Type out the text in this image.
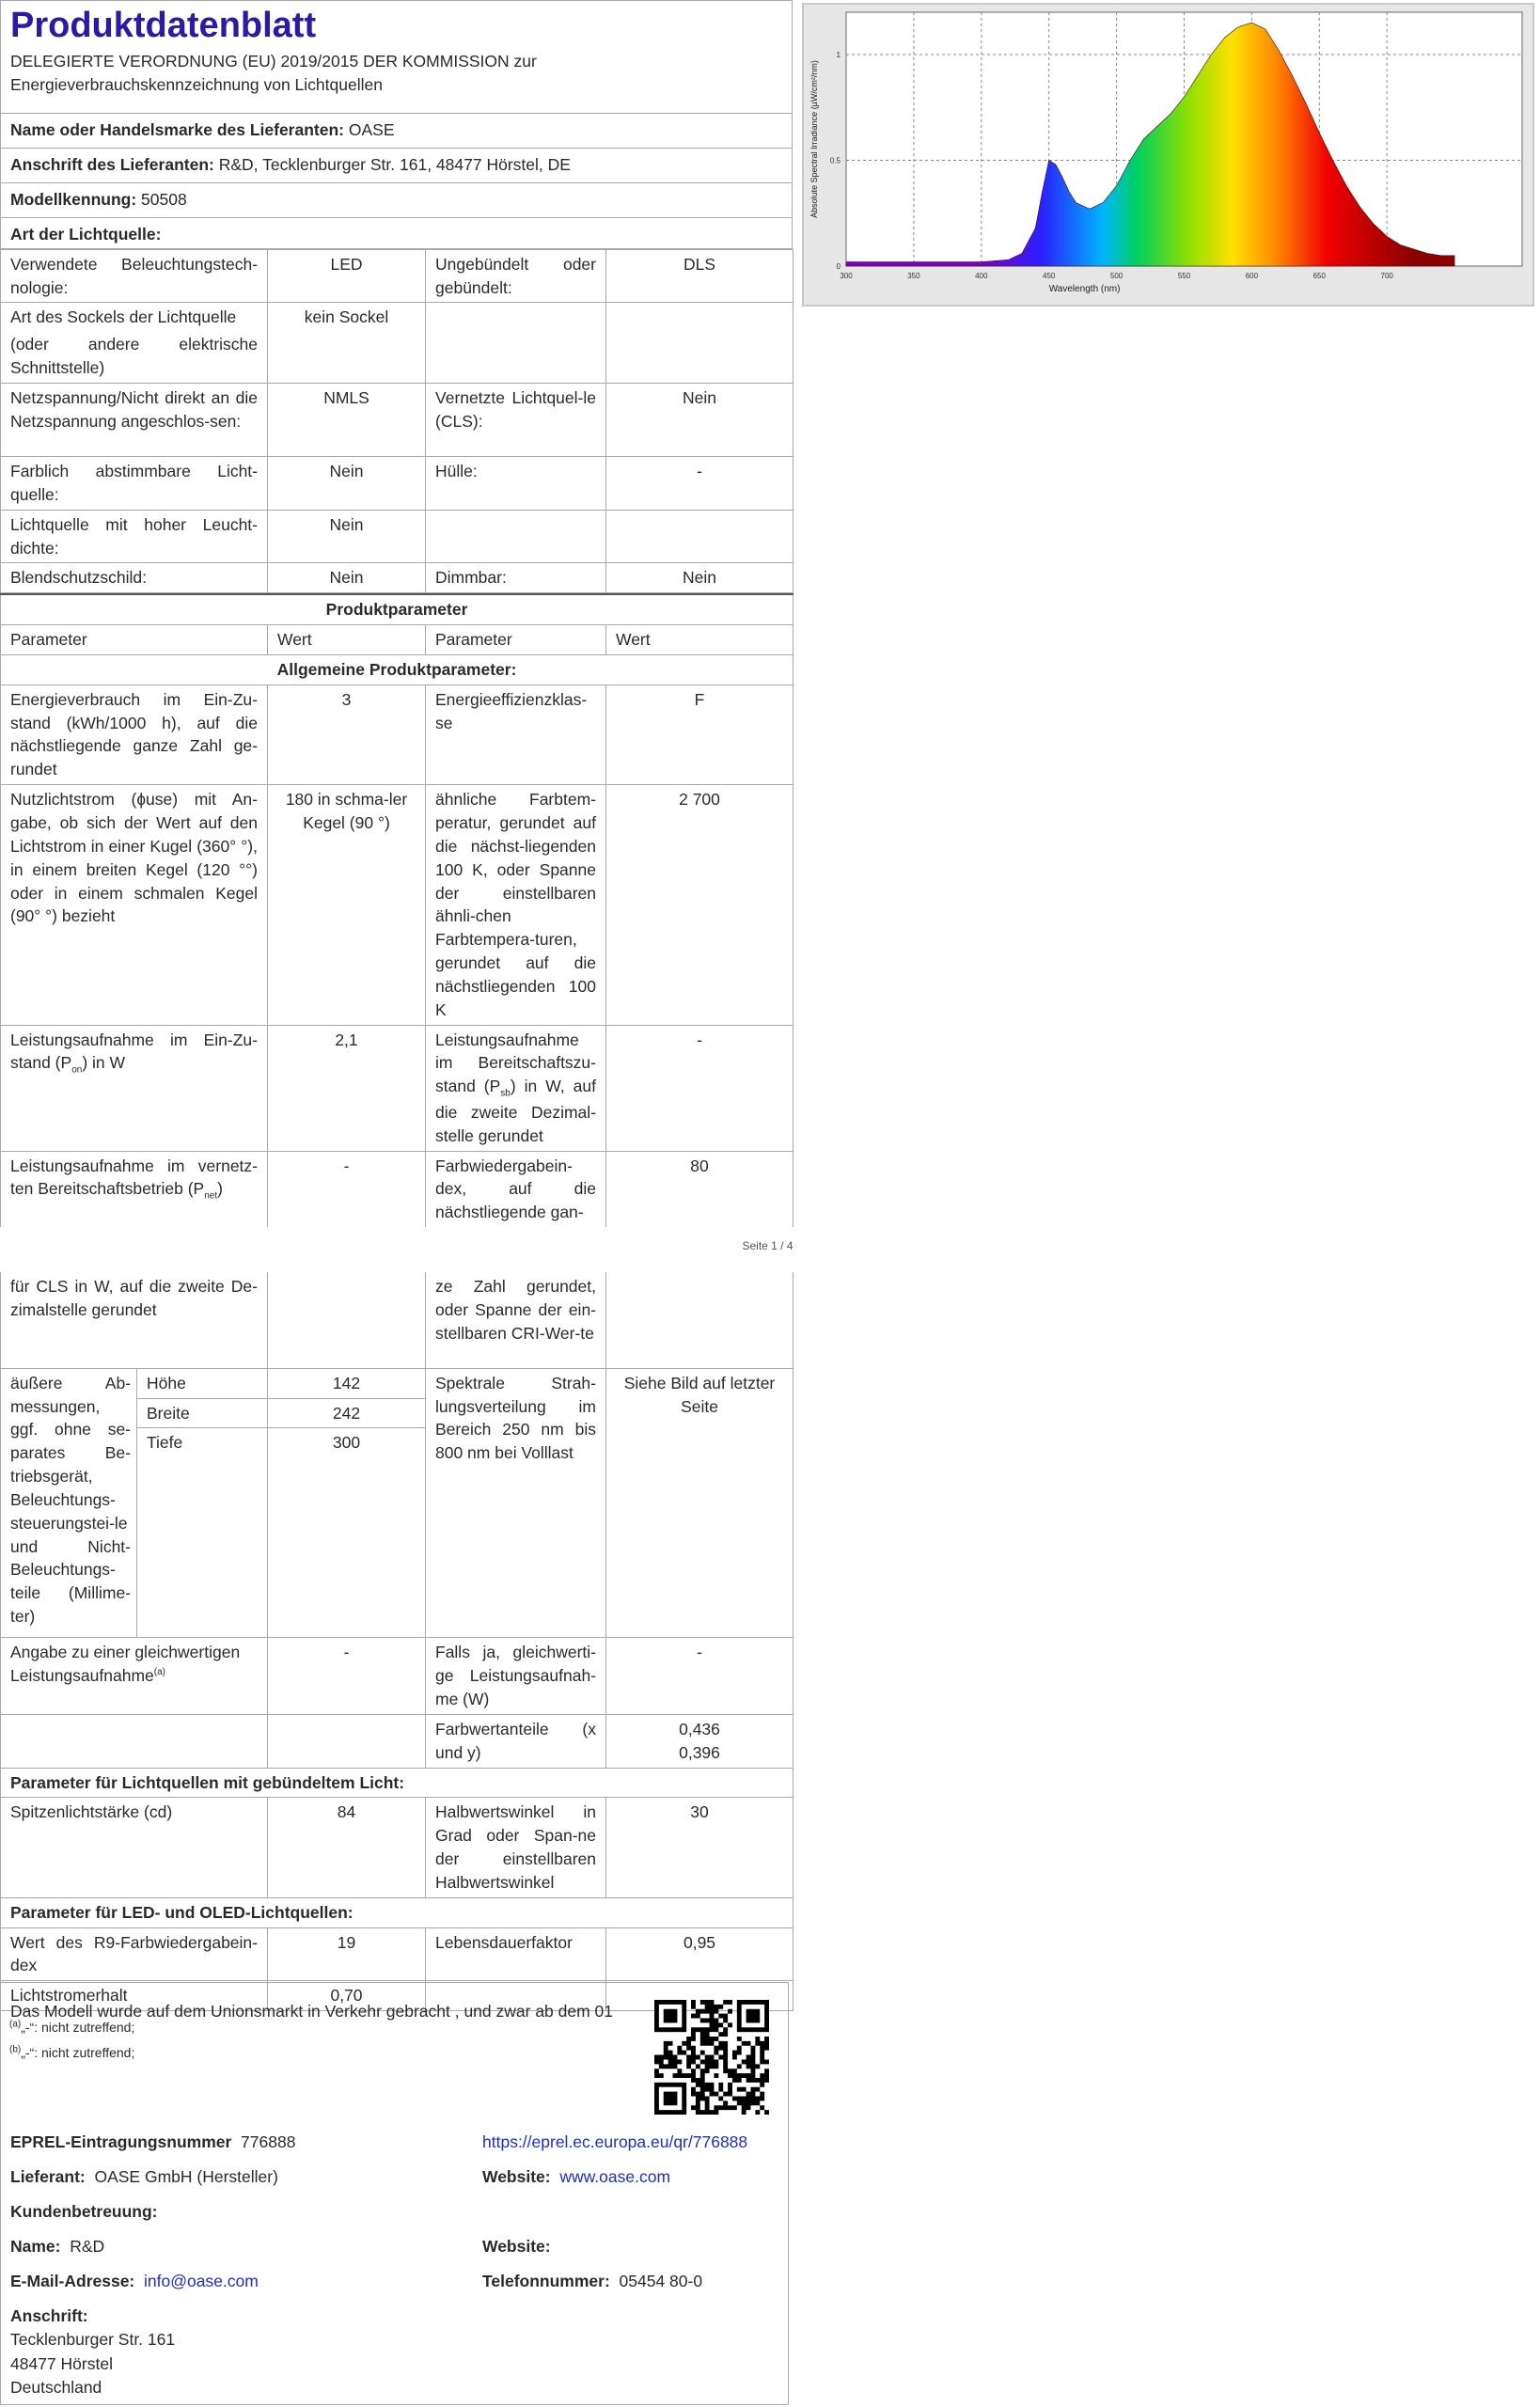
Produktdatenblatt
DELEGIERTE VERORDNUNG (EU) 2019/2015 DER KOMMISSION zur Energieverbrauchskennzeichnung von Lichtquellen
Name oder Handelsmarke des Lieferanten: OASE
Anschrift des Lieferanten: R&D, Tecklenburger Str. 161, 48477 Hörstel, DE
Modellkennung: 50508
Art der Lichtquelle:
Verwendete Beleuchtungstech-nologie:	LED	Ungebündelt oder gebündelt:	DLS

Art des Sockels der Lichtquelle
(oder andere elektrische Schnittstelle)	kein Sockel		
Netzspannung/Nicht direkt an die Netzspannung angeschlos-sen:	NMLS	Vernetzte Lichtquel-le (CLS):	Nein
Farblich abstimmbare Licht-quelle:	Nein	Hülle:	-
Lichtquelle mit hoher Leucht-dichte:	Nein		
Blendschutzschild:	Nein	Dimmbar:	Nein
Produktparameter				
Parameter		Wert	Parameter	Wert
Allgemeine Produktparameter:				
Energieverbrauch im Ein-Zu-stand (kWh/1000 h), auf die nächstliegende ganze Zahl ge-rundet		3	Energieeffizienzklas-se	F
Nutzlichtstrom (ɸuse) mit An-gabe, ob sich der Wert auf den Lichtstrom in einer Kugel (360° °), in einem breiten Kegel (120 °°) oder in einem schmalen Kegel (90° °) bezieht		180 in schma-ler Kegel (90 °)	ähnliche Farbtem-peratur, gerundet auf die nächst-liegenden 100 K, oder Spanne der einstellbaren ähnli-chen Farbtempera-turen, gerundet auf die nächstliegenden 100 K	2 700
Leistungsaufnahme im Ein-Zu-stand $(P_{on})$ in W		2,1	Leistungsaufnahme im Bereitschaftszu-stand $(P_{sb})$ in W, auf die zweite Dezimal-stelle gerundet	-
Leistungsaufnahme im vernetz-ten Bereitschaftsbetrieb $(P_{net})$		-	Farbwiedergabein-dex, auf die nächstliegende gan-	80

Seite 1 / 4				

für CLS in W, auf die zweite De-zimalstelle gerundet			ze Zahl gerundet, oder Spanne der ein-stellbaren CRI-Wer-te	
äußere Ab-messungen, ggf. ohne se-parates Be-triebsgerät, Beleuchtungs-steuerungstei-le und Nicht-Beleuchtungs-teile (Millime-ter)	Höhe	142	Spektrale Strah-lungsverteilung im Bereich 250 nm bis 800 nm bei Volllast	Siehe Bild auf letzter Seite
	Breite	242		
	Tiefe	300		
Angabe zu einer gleichwertigen Leistungsaufnahme$^{(a)}$		-	Falls ja, gleichwerti-ge Leistungsaufnah-me (W)	-
			Farbwertanteile (x und y)	0,436
0,396

Parameter für Lichtquellen mit gebündeltem Licht:				
Spitzenlichtstärke (cd)		84	Halbwertswinkel in Grad oder Span-ne der einstellbaren Halbwertswinkel	30
Parameter für LED- und OLED-Lichtquellen:				
Wert des R9-Farbwiedergabein-dex		19	Lebensdauerfaktor	0,95
Lichtstromerhalt		0,70		
$^{(a)}$„-“: nicht zutreffend;
$^{(b)}$„-“: nicht zutreffend;
Das Modell wurde auf dem Unionsmarkt in Verkehr gebracht , und zwar ab dem 01
EPREL-Eintragungsnummer 776888	https://eprel.ec.europa.eu/qr/776888
Lieferant: OASE GmbH (Hersteller)	Website: www.oase.com
Kundenbetreuung:
Name: R&D	Website:
E-Mail-Adresse: info@oase.com	Telefonnummer: 05454 80-0
Anschrift:
Tecklenburger Str. 161
48477 Hörstel
Deutschland
300	350	400	450	500	550	600	650	700
0
0.5
1
Wavelength (nm)
Absolute Spectral Irradiance (µW/cm²/nm)
